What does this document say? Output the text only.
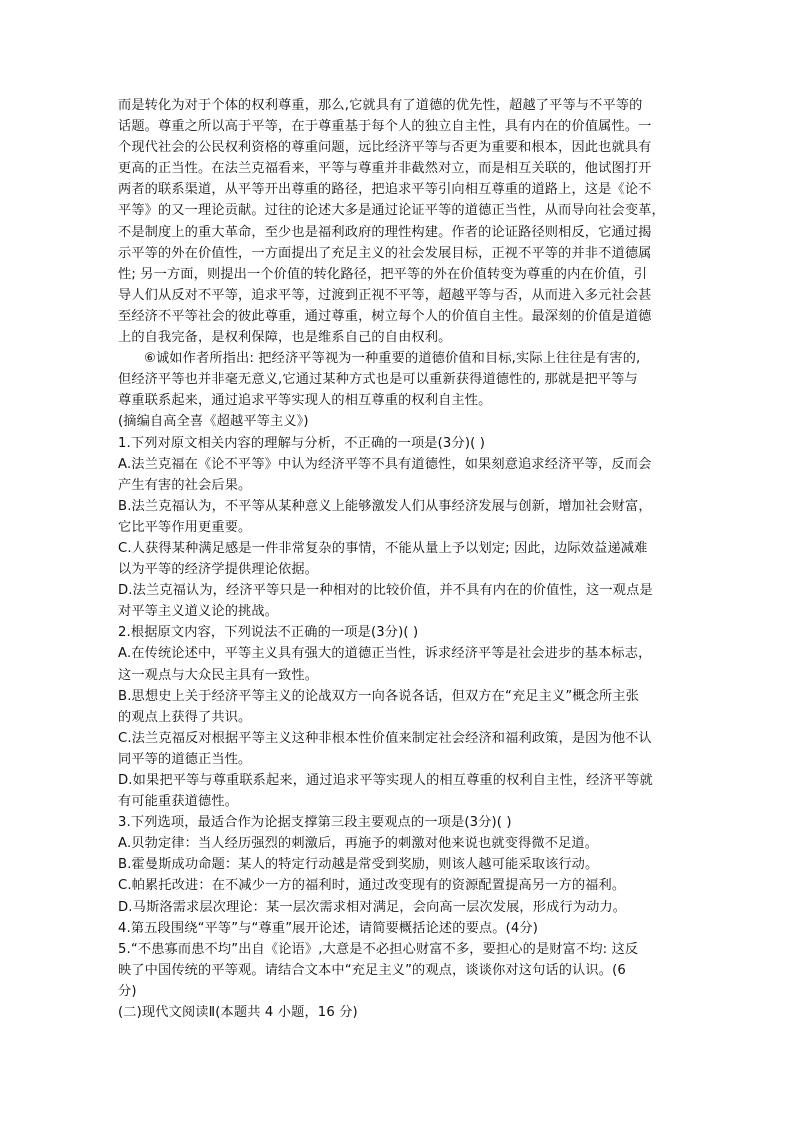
而是转化为对于个体的权利尊重，那么,它就具有了道德的优先性，超越了平等与不平等的
话题。尊重之所以高于平等，在于尊重基于每个人的独立自主性，具有内在的价值属性。一
个现代社会的公民权利资格的尊重问题，远比经济平等与否更为重要和根本，因此也就具有
更高的正当性。在法兰克福看来，平等与尊重并非截然对立，而是相互关联的，他试图打开
两者的联系渠道，从平等开出尊重的路径，把追求平等引向相互尊重的道路上，这是《论不
平等》的又一理论贡献。过往的论述大多是通过论证平等的道德正当性，从而导向社会变革，
不是制度上的重大革命，至少也是福利政府的理性构建。作者的论证路径则相反，它通过揭
示平等的外在价值性，一方面提出了充足主义的社会发展目标，正视不平等的并非不道德属
性; 另一方面，则提出一个价值的转化路径，把平等的外在价值转变为尊重的内在价值，引
导人们从反对不平等，追求平等，过渡到正视不平等，超越平等与否，从而进入多元社会甚
至经济不平等社会的彼此尊重，通过尊重，树立每个人的价值自主性。最深刻的价值是道德
上的自我完备，是权利保障，也是维系自己的自由权利。
⑥诚如作者所指出: 把经济平等视为一种重要的道德价值和目标,实际上往往是有害的,
但经济平等也并非毫无意义,它通过某种方式也是可以重新获得道德性的, 那就是把平等与
尊重联系起来，通过追求平等实现人的相互尊重的权利自主性。
(摘编自高全喜《超越平等主义》)
1.下列对原文相关内容的理解与分析，不正确的一项是(3分)( )
A.法兰克福在《论不平等》中认为经济平等不具有道德性，如果刻意追求经济平等，反而会
产生有害的社会后果。
B.法兰克福认为，不平等从某种意义上能够激发人们从事经济发展与创新，增加社会财富，
它比平等作用更重要。
C.人获得某种满足感是一件非常复杂的事情，不能从量上予以划定; 因此，边际效益递减难
以为平等的经济学提供理论依据。
D.法兰克福认为，经济平等只是一种相对的比较价值，并不具有内在的价值性，这一观点是
对平等主义道义论的挑战。
2.根据原文内容，下列说法不正确的一项是(3分)( )
A.在传统论述中，平等主义具有强大的道德正当性，诉求经济平等是社会进步的基本标志，
这一观点与大众民主具有一致性。
B.思想史上关于经济平等主义的论战双方一向各说各话，但双方在“充足主义”概念所主张
的观点上获得了共识。
C.法兰克福反对根据平等主义这种非根本性价值来制定社会经济和福利政策，是因为他不认
同平等的道德正当性。
D.如果把平等与尊重联系起来，通过追求平等实现人的相互尊重的权利自主性，经济平等就
有可能重获道德性。
3.下列选项，最适合作为论据支撑第三段主要观点的一项是(3分)( )
A.贝勃定律：当人经历强烈的刺激后，再施予的刺激对他来说也就变得微不足道。
B.霍曼斯成功命题：某人的特定行动越是常受到奖励，则该人越可能采取该行动。
C.帕累托改进：在不减少一方的福利时，通过改变现有的资源配置提高另一方的福利。
D.马斯洛需求层次理论：某一层次需求相对满足，会向高一层次发展，形成行为动力。
4.第五段围绕“平等”与“尊重”展开论述，请简要概括论述的要点。(4分)
5.“不患寡而患不均”出自《论语》,大意是不必担心财富不多，要担心的是财富不均: 这反
映了中国传统的平等观。请结合文本中“充足主义”的观点，谈谈你对这句话的认识。(6
分)
(二)现代文阅读Ⅱ(本题共 4 小题，16 分)
